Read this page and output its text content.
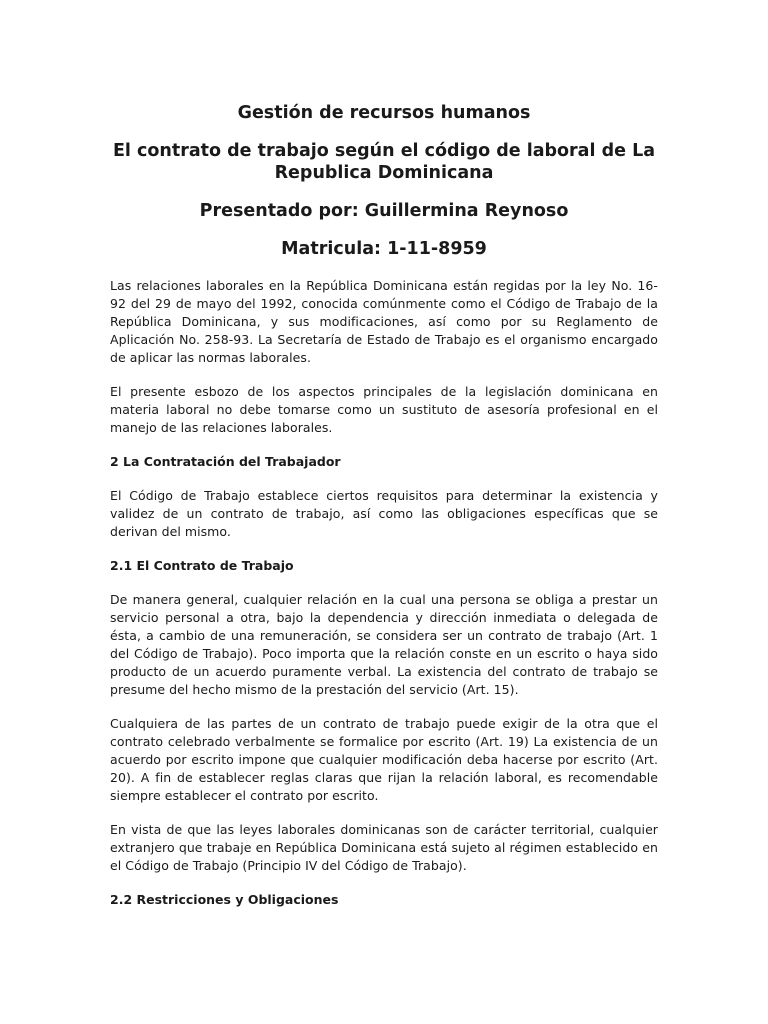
Gestión de recursos humanos
El contrato de trabajo según el código de laboral de La Republica Dominicana
Presentado por: Guillermina Reynoso
Matricula: 1-11-8959

Las relaciones laborales en la República Dominicana están regidas por la ley No. 16-92 del 29 de mayo del 1992, conocida comúnmente como el Código de Trabajo de la República Dominicana, y sus modificaciones, así como por su Reglamento de Aplicación No. 258-93. La Secretaría de Estado de Trabajo es el organismo encargado de aplicar las normas laborales.

El presente esbozo de los aspectos principales de la legislación dominicana en materia laboral no debe tomarse como un sustituto de asesoría profesional en el manejo de las relaciones laborales.

2 La Contratación del Trabajador

El Código de Trabajo establece ciertos requisitos para determinar la existencia y validez de un contrato de trabajo, así como las obligaciones específicas que se derivan del mismo.

2.1 El Contrato de Trabajo

De manera general, cualquier relación en la cual una persona se obliga a prestar un servicio personal a otra, bajo la dependencia y dirección inmediata o delegada de ésta, a cambio de una remuneración, se considera ser un contrato de trabajo (Art. 1 del Código de Trabajo). Poco importa que la relación conste en un escrito o haya sido producto de un acuerdo puramente verbal. La existencia del contrato de trabajo se presume del hecho mismo de la prestación del servicio (Art. 15).

Cualquiera de las partes de un contrato de trabajo puede exigir de la otra que el contrato celebrado verbalmente se formalice por escrito (Art. 19) La existencia de un acuerdo por escrito impone que cualquier modificación deba hacerse por escrito (Art. 20). A fin de establecer reglas claras que rijan la relación laboral, es recomendable siempre establecer el contrato por escrito.

En vista de que las leyes laborales dominicanas son de carácter territorial, cualquier extranjero que trabaje en República Dominicana está sujeto al régimen establecido en el Código de Trabajo (Principio IV del Código de Trabajo).

2.2 Restricciones y Obligaciones
